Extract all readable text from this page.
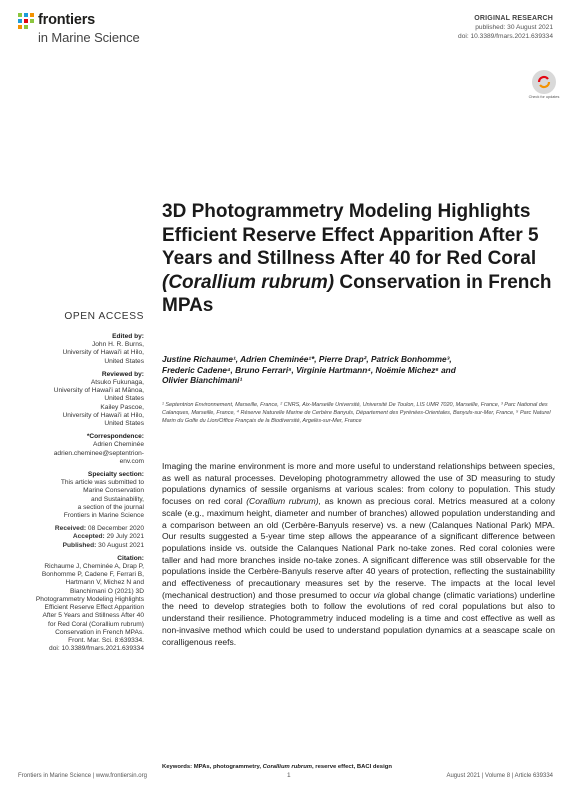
frontiers
in Marine Science
ORIGINAL RESEARCH
published: 30 August 2021
doi: 10.3389/fmars.2021.639334
Check for updates
3D Photogrammetry Modeling Highlights Efficient Reserve Effect Apparition After 5 Years and Stillness After 40 for Red Coral (Corallium rubrum) Conservation in French MPAs
OPEN ACCESS
Edited by:
John H. R. Burns,
University of Hawai'i at Hilo,
United States
Reviewed by:
Atsuko Fukunaga,
University of Hawai'i at Mānoa,
United States
Kailey Pascoe,
University of Hawai'i at Hilo,
United States
*Correspondence:
Adrien Cheminée
adrien.cheminee@septentrion-
env.com
Specialty section:
This article was submitted to
Marine Conservation
and Sustainability,
a section of the journal
Frontiers in Marine Science
Received: 08 December 2020
Accepted: 29 July 2021
Published: 30 August 2021
Citation:
Richaume J, Cheminée A, Drap P,
Bonhomme P, Cadene F, Ferrari B,
Hartmann V, Michez N and
Bianchimani O (2021) 3D
Photogrammetry Modeling Highlights
Efficient Reserve Effect Apparition
After 5 Years and Stillness After 40
for Red Coral (Corallium rubrum)
Conservation in French MPAs.
Front. Mar. Sci. 8:639334.
doi: 10.3389/fmars.2021.639334
Justine Richaume¹, Adrien Cheminée¹*, Pierre Drap², Patrick Bonhomme³,
Frederic Cadene⁴, Bruno Ferrari⁵, Virginie Hartmann⁴, Noëmie Michez⁶ and
Olivier Bianchimani¹
¹ Septentrion Environnement, Marseille, France, ² CNRS, Aix-Marseille Université, Université De Toulon, LIS UMR 7020, Marseille, France, ³ Parc National des Calanques, Marseille, France, ⁴ Réserve Naturelle Marine de Cerbère Banyuls, Département des Pyrénées-Orientales, Banyuls-sur-Mer, France, ⁵ Parc Naturel Marin du Golfe du Lion/Office Français de la Biodiversité, Argelès-sur-Mer, France
Imaging the marine environment is more and more useful to understand relationships between species, as well as natural processes. Developing photogrammetry allowed the use of 3D measuring to study populations dynamics of sessile organisms at various scales: from colony to population. This study focuses on red coral (Corallium rubrum), as known as precious coral. Metrics measured at a colony scale (e.g., maximum height, diameter and number of branches) allowed population understanding and a comparison between an old (Cerbère-Banyuls reserve) vs. a new (Calanques National Park) MPA. Our results suggested a 5-year time step allows the appearance of a significant difference between populations inside vs. outside the Calanques National Park no-take zones. Red coral colonies were taller and had more branches inside no-take zones. A significant difference was still observable for the populations inside the Cerbère-Banyuls reserve after 40 years of protection, reflecting the sustainability and effectiveness of precautionary measures set by the reserve. The impacts at the local level (mechanical destruction) and those presumed to occur via global change (climatic variations) underline the need to develop strategies both to follow the evolutions of red coral populations but also to understand their resilience. Photogrammetry induced modeling is a time and cost effective as well as non-invasive method which could be used to understand population dynamics at a seascape scale on coralligenous reefs.
Keywords: MPAs, photogrammetry, Corallium rubrum, reserve effect, BACI design
Frontiers in Marine Science | www.frontiersin.org	1	August 2021 | Volume 8 | Article 639334
